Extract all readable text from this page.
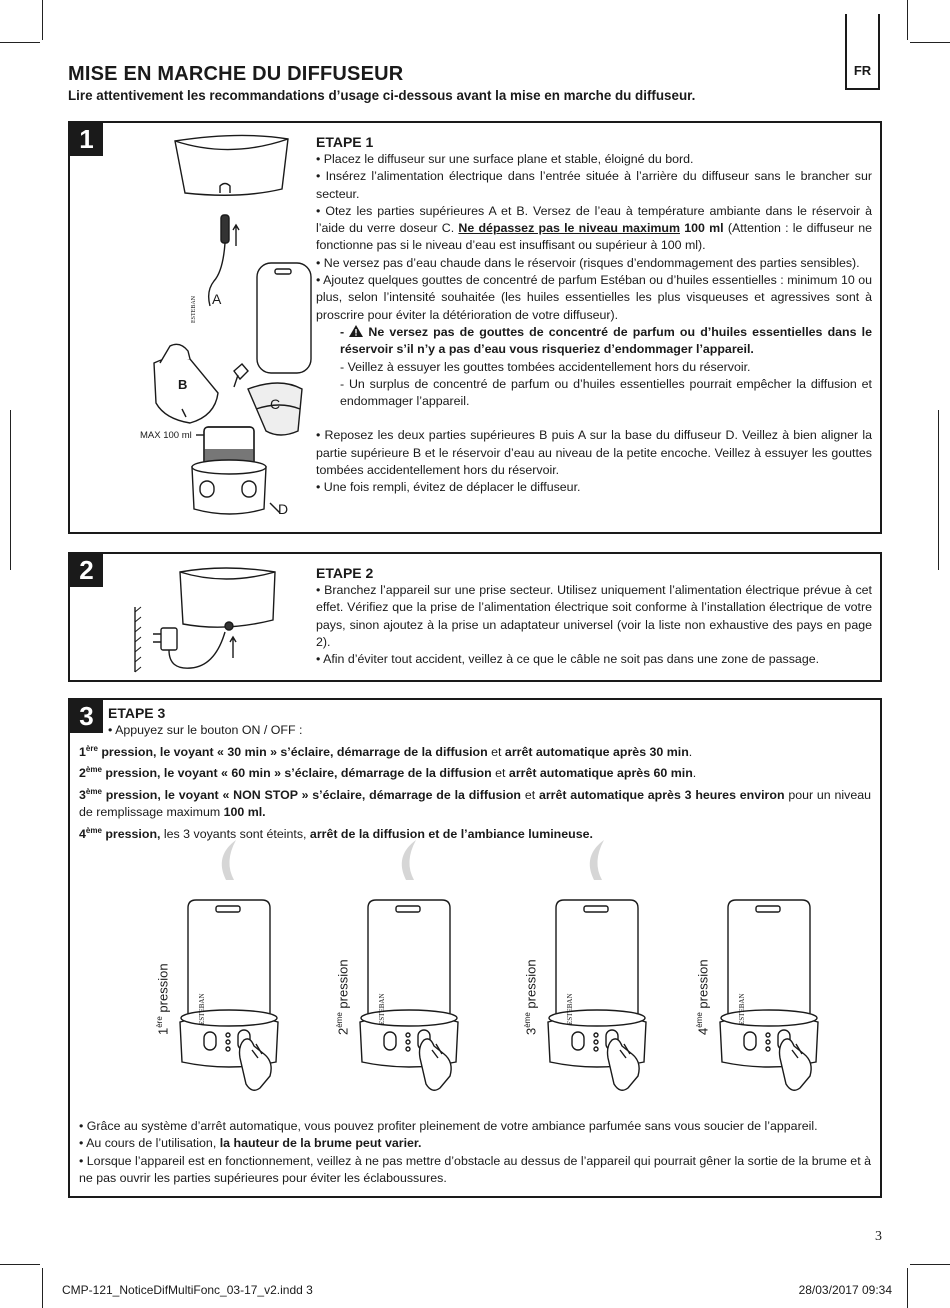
FR
MISE EN MARCHE DU DIFFUSEUR
Lire attentivement les recommandations d’usage ci-dessous avant la mise en marche du diffuseur.
1
A
B
C
D
MAX 100 ml
ESTEBAN

ETAPE 1

• Placez le diffuseur sur une surface plane et stable, éloigné du bord.

• Insérez l’alimentation électrique dans l’entrée située à l’arrière du diffuseur sans le brancher sur secteur.

• Otez les parties supérieures A et B. Versez de l’eau à température ambiante dans le réservoir à l’aide du verre doseur C. Ne dépassez pas le niveau maximum 100 ml (Attention : le diffuseur ne fonctionne pas si le niveau d’eau est insuffisant ou supérieur à 100 ml).

• Ne versez pas d’eau chaude dans le réservoir (risques d’endommagement des parties sensibles).

• Ajoutez quelques gouttes de concentré de parfum Estéban ou d’huiles essentielles : minimum 10 ou plus, selon l’intensité souhaitée (les huiles essentielles les plus visqueuses et agressives sont à proscrire pour éviter la détérioration de votre diffuseur).

-  Ne versez pas de gouttes de concentré de parfum ou d’huiles essentielles dans le réservoir s’il n’y a pas d’eau vous risqueriez d’endommager l’appareil.

- Veillez à essuyer les gouttes tombées accidentellement hors du réservoir.

- Un surplus de concentré de parfum ou d’huiles essentielles pourrait empêcher la diffusion et endommager l’appareil.

• Reposez les deux parties supérieures B puis A sur la base du diffuseur D. Veillez à bien aligner la partie supérieure B et le réservoir d’eau au niveau de la petite encoche. Veillez à essuyer les gouttes tombées accidentellement hors du réservoir.

• Une fois rempli, évitez de déplacer le diffuseur.

2	ETAPE 2

• Branchez l’appareil sur une prise secteur. Utilisez uniquement l’alimentation électrique prévue à cet effet. Vérifiez que la prise de l’alimentation électrique soit conforme à l’installation électrique de votre pays, sinon ajoutez à la prise un adaptateur universel (voir la liste non exhaustive des pays en page 2).

• Afin d’éviter tout accident, veillez à ce que le câble ne soit pas dans une zone de passage.

3	ETAPE 3

• Appuyez sur le bouton ON / OFF :

1ère pression, le voyant « 30 min » s’éclaire, démarrage de la diffusion et arrêt automatique après 30 min.

2ème pression, le voyant « 60 min » s’éclaire, démarrage de la diffusion et arrêt automatique après 60 min.

3ème pression, le voyant « NON STOP » s’éclaire, démarrage de la diffusion et arrêt automatique après 3 heures environ pour un niveau de remplissage maximum 100 ml.

4ème pression, les 3 voyants sont éteints, arrêt de la diffusion et de l’ambiance lumineuse.

ESTEBAN
1ère pression	ESTEBAN
2ème pression	ESTEBAN
3ème pression	ESTEBAN
4ème pression

• Grâce au système d’arrêt automatique, vous pouvez profiter pleinement de votre ambiance parfumée sans vous soucier de l’appareil.

• Au cours de l’utilisation, la hauteur de la brume peut varier.

• Lorsque l’appareil est en fonctionnement, veillez à ne pas mettre d’obstacle au dessus de l’appareil qui pourrait gêner la sortie de la brume et à ne pas ouvrir les parties supérieures pour éviter les éclaboussures.

3
CMP-121_NoticeDifMultiFonc_03-17_v2.indd 3	28/03/2017 09:34
